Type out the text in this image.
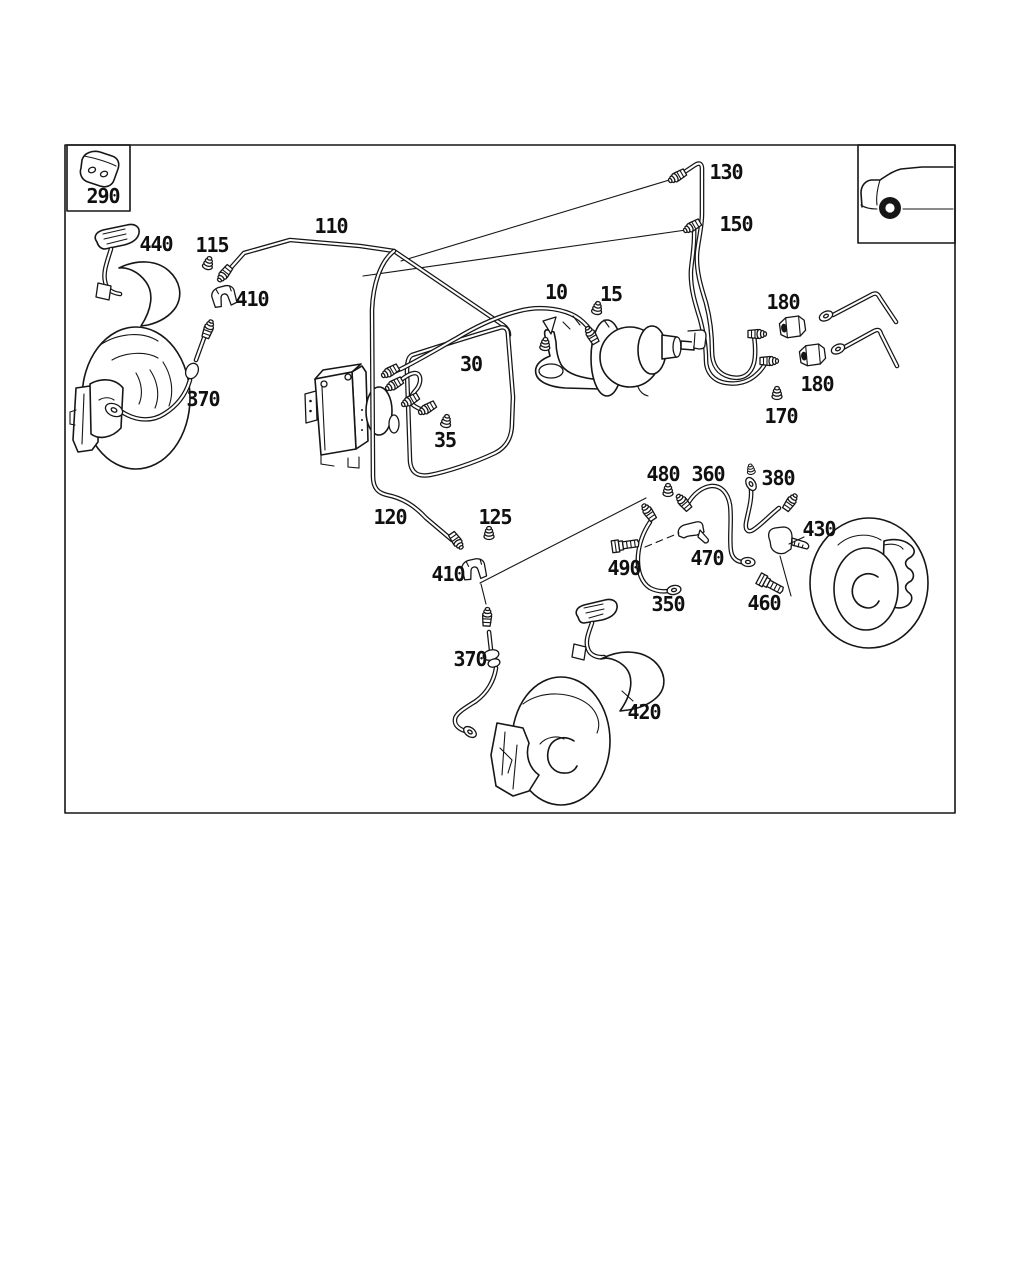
290
440 115
110
410
370
130
150
10 15
30
35
180
180
170
120	125
410
370
480 360 380
430
490 470
350	460
420
